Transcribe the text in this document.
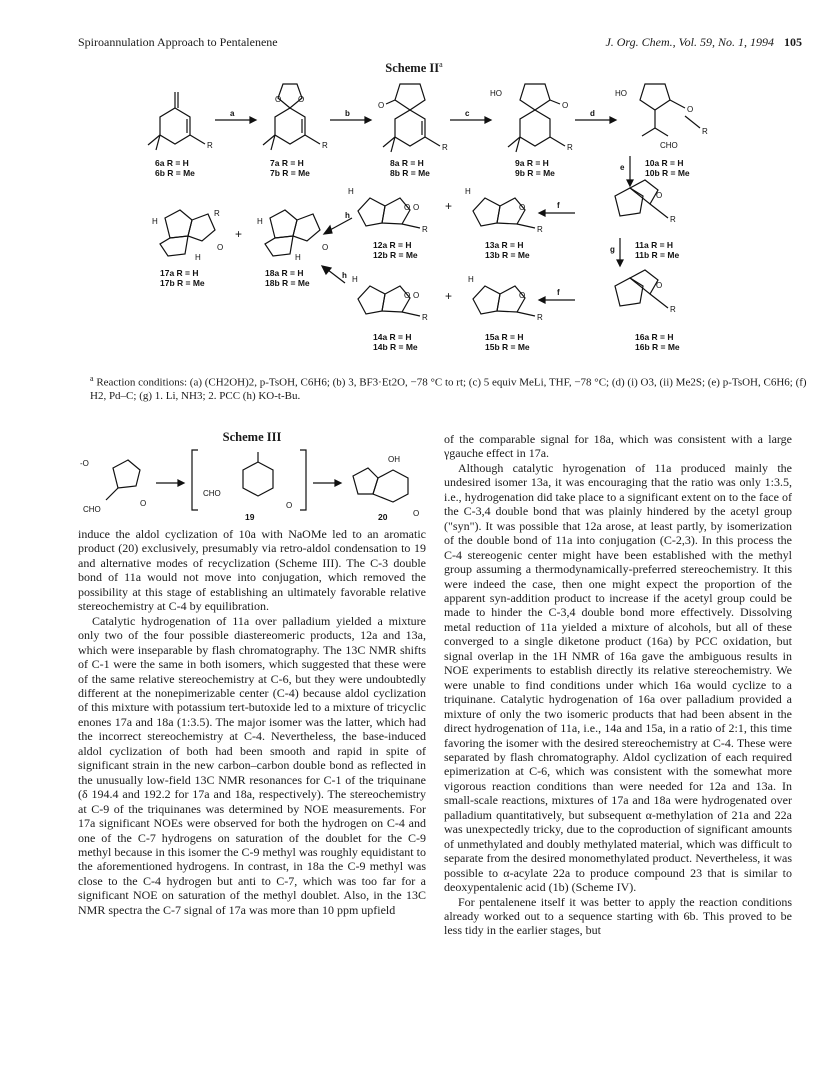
Spiroannulation Approach to Pentalenene	J. Org. Chem., Vol. 59, No. 1, 1994 105
Scheme $II^a$
R
6a R = H
6b R = Me
a
O O
R
7a R = H
7b R = Me
b
O
R
8a R = H
8b R = Me
c
O
HO
R
9a R = H
9b R = Me
d
HO
O
CHO
R
10a R = H
10b R = Me
e
H
O O
R
12a R = H
12b R = Me
+
H
O
R
13a R = H
13b R = Me
f
O
R
11a R = H
11b R = Me
g
h
H
R
O
H
17a R = H
17b R = Me
+
H
O
H
18a R = H
18b R = Me
h H
O O
R
14a R = H
14b R = Me
+
H
O
R
15a R = H
15b R = Me
f
O
R
16a R = H
16b R = Me

$^a$ Reaction conditions: (a) (CH2OH)2, p-TsOH, C6H6; (b) 3, BF3·Et2O, −78 °C to rt; (c) 5 equiv MeLi, THF, −78 °C; (d) (i) O3, (ii) Me2S; (e) p-TsOH, C6H6; (f) H2, Pd–C; (g) 1. Li, NH3; 2. PCC (h) KO-t-Bu.

Scheme III
-O
CHO
O
CHO
O
19
OH
O
20

induce the aldol cyclization of 10a with NaOMe led to an aromatic product (20) exclusively, presumably via retro-aldol condensation to 19 and alternative modes of recyclization (Scheme III). The C-3 double bond of 11a would not move into conjugation, which removed the possibility at this stage of establishing an ultimately favorable relative stereochemistry at C-4 by equilibration.

Catalytic hydrogenation of 11a over palladium yielded a mixture only two of the four possible diastereomeric products, 12a and 13a, which were inseparable by flash chromatography. The 13C NMR shifts of C-1 were the same in both isomers, which suggested that these were of the same relative stereochemistry at C-6, but they were undoubtedly different at the nonepimerizable center (C-4) because aldol cyclization of this mixture with potassium tert-butoxide led to a mixture of tricyclic enones 17a and 18a (1:3.5). The major isomer was the latter, which had the incorrect stereochemistry at C-4. Nevertheless, the base-induced aldol cyclization of both had been smooth and rapid in spite of significant strain in the new carbon–carbon double bond as reflected in the unusually low-field 13C NMR resonances for C-1 of the triquinane (δ 194.4 and 192.2 for 17a and 18a, respectively). The stereochemistry at C-9 of the triquinanes was determined by NOE measurements. For 17a significant NOEs were observed for both the hydrogen on C-4 and one of the C-7 hydrogens on saturation of the doublet for the C-9 methyl because in this isomer the C-9 methyl was roughly equidistant to the aforementioned hydrogens. In contrast, in 18a the C-9 methyl was close to the C-4 hydrogen but anti to C-7, which was too far for a significant NOE on saturation of the methyl doublet. Also, in the 13C NMR spectra the C-7 signal of 17a was more than 10 ppm upfield

of the comparable signal for 18a, which was consistent with a large γgauche effect in 17a.

Although catalytic hyrogenation of 11a produced mainly the undesired isomer 13a, it was encouraging that the ratio was only 1:3.5, i.e., hydrogenation did take place to a significant extent on to the face of the C-3,4 double bond that was plainly hindered by the acetyl group ("syn"). It was possible that 12a arose, at least partly, by isomerization of the double bond of 11a into conjugation (C-2,3). In this process the C-4 stereogenic center might have been established with the methyl group assuming a thermodynamically-preferred stereochemistry. It this were indeed the case, then one might expect the proportion of the apparent syn-addition product to increase if the acetyl group could be made to hinder the C-3,4 double bond more effectively. Dissolving metal reduction of 11a yielded a mixture of alcohols, but all of these converged to a single diketone product (16a) by PCC oxidation, but signal overlap in the 1H NMR of 16a gave the ambiguous results in NOE experiments to establish directly its relative stereochemistry. We were unable to find conditions under which 16a would cyclize to a triquinane. Catalytic hydrogenation of 16a over palladium provided a mixture of only the two isomeric products that had been absent in the direct hydrogenation of 11a, i.e., 14a and 15a, in a ratio of 2:1, this time favoring the isomer with the desired stereochemistry at C-4. These were separated by flash chromatography. Aldol cyclization of each required epimerization at C-6, which was consistent with the somewhat more vigorous reaction conditions than were needed for 12a and 13a. In small-scale reactions, mixtures of 17a and 18a were hydrogenated over palladium quantitatively, but subsequent α-methylation of 21a and 22a was unexpectedly tricky, due to the coproduction of significant amounts of unmethylated and doubly methylated material, which was difficult to separate from the desired monomethylated product. Nevertheless, it was possible to α-acylate 22a to produce compound 23 that is similar to deoxypentalenic acid (1b) (Scheme IV).

For pentalenene itself it was better to apply the reaction conditions already worked out to a sequence starting with 6b. This proved to be less tidy in the earlier stages, but
